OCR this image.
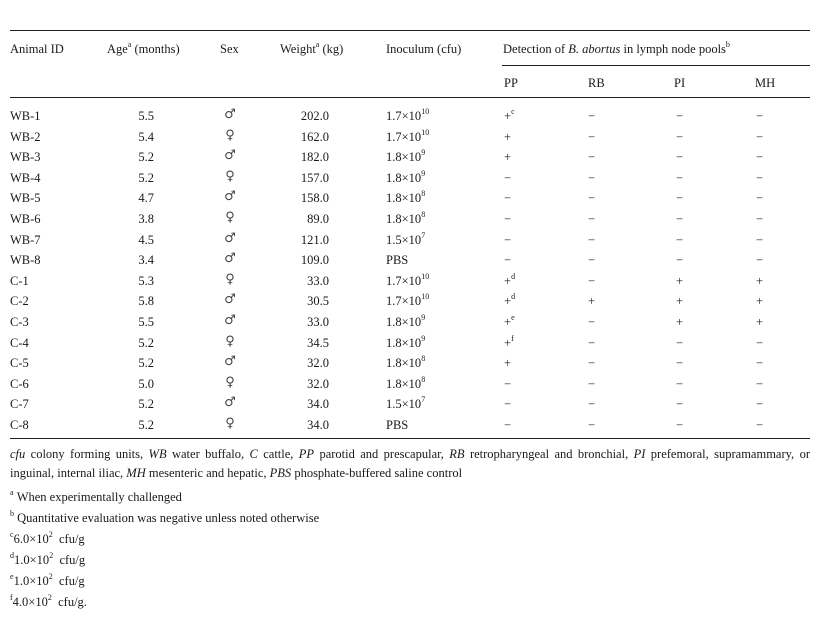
Animal ID	Age$^a$ (months)	Sex	Weight$^a$ (kg)	Inoculum (cfu)	Detection of B. abortus in lymph node pools$^b$
PP	RB	PI	MH
WB-1	5.5	♂	202.0	$1.7\times 10^{10}$	+$^c$	−	−	−
WB-2	5.4	♀	162.0	$1.7\times 10^{10}$	+	−	−	−
WB-3	5.2	♂	182.0	$1.8\times 10^9$	+	−	−	−
WB-4	5.2	♀	157.0	$1.8\times 10^9$	−	−	−	−
WB-5	4.7	♂	158.0	$1.8\times 10^8$	−	−	−	−
WB-6	3.8	♀	89.0	$1.8\times 10^8$	−	−	−	−
WB-7	4.5	♂	121.0	$1.5\times 10^7$	−	−	−	−
WB-8	3.4	♂	109.0	PBS	−	−	−	−
C-1	5.3	♀	33.0	$1.7\times 10^{10}$	+$^d$	−	+	+
C-2	5.8	♂	30.5	$1.7\times 10^{10}$	+$^d$	+	+	+
C-3	5.5	♂	33.0	$1.8\times 10^9$	+$^e$	−	+	+
C-4	5.2	♀	34.5	$1.8\times 10^9$	+$^f$	−	−	−
C-5	5.2	♂	32.0	$1.8\times 10^8$	+	−	−	−
C-6	5.0	♀	32.0	$1.8\times 10^8$	−	−	−	−
C-7	5.2	♂	34.0	$1.5\times 10^7$	−	−	−	−
C-8	5.2	♀	34.0	PBS	−	−	−	−
cfu colony forming units, WB water buffalo, C cattle, PP parotid and prescapular, RB retropharyngeal and bronchial, PI prefemoral, supramammary, or inguinal, internal iliac, MH mesenteric and hepatic, PBS phosphate-buffered saline control
$^a$ When experimentally challenged
$^b$ Quantitative evaluation was negative unless noted otherwise
$^c6.0\times 10^2$  cfu/g
$^d1.0\times 10^2$  cfu/g
$^e1.0\times 10^2$  cfu/g
$^f4.0\times 10^2$  cfu/g.
